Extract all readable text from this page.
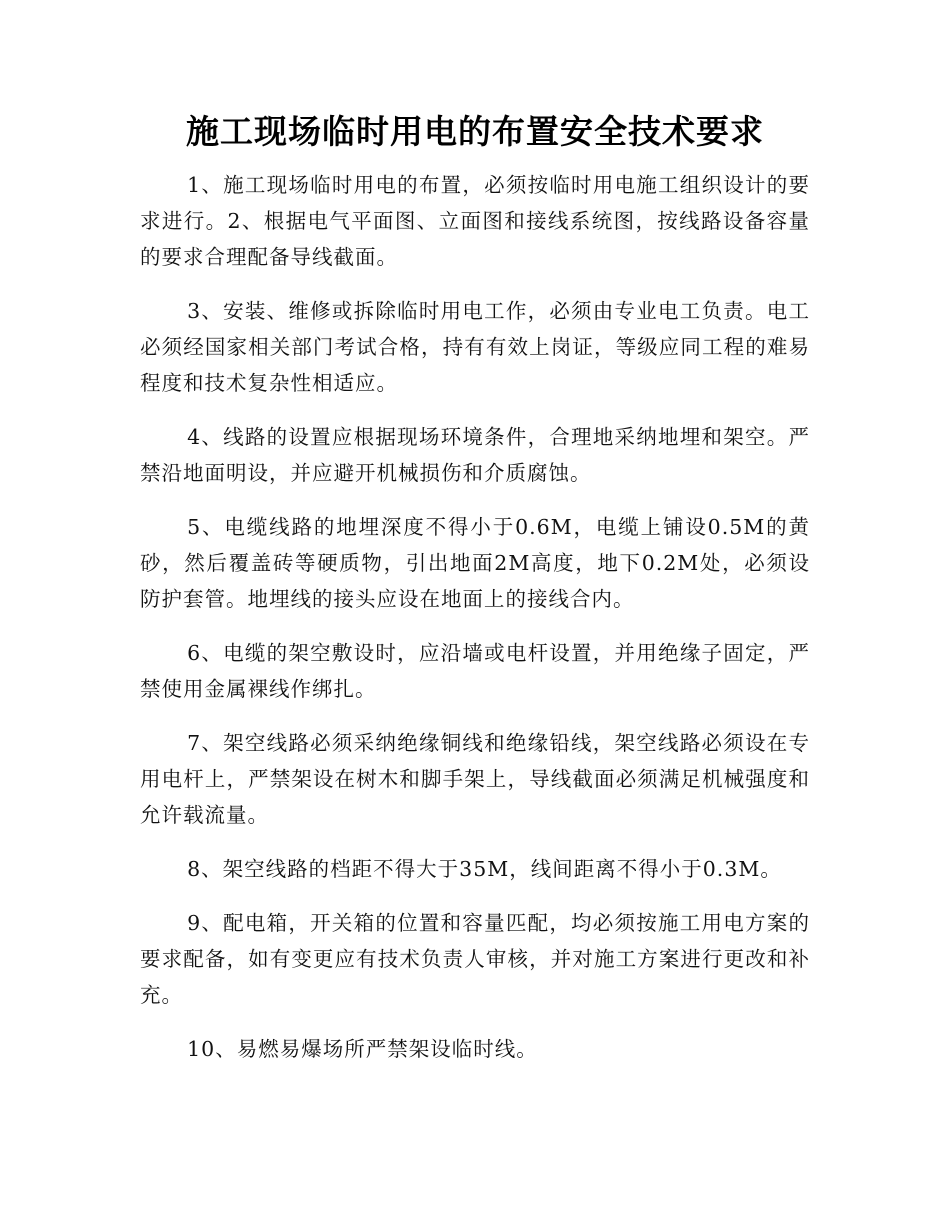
施工现场临时用电的布置安全技术要求

1、施工现场临时用电的布置，必须按临时用电施工组织设计的要求进行。2、根据电气平面图、立面图和接线系统图，按线路设备容量的要求合理配备导线截面。

3、安装、维修或拆除临时用电工作，必须由专业电工负责。电工必须经国家相关部门考试合格，持有有效上岗证，等级应同工程的难易程度和技术复杂性相适应。

4、线路的设置应根据现场环境条件，合理地采纳地埋和架空。严禁沿地面明设，并应避开机械损伤和介质腐蚀。

5、电缆线路的地埋深度不得小于0.6M，电缆上铺设0.5M的黄砂，然后覆盖砖等硬质物，引出地面2M高度，地下0.2M处，必须设防护套管。地埋线的接头应设在地面上的接线合内。

6、电缆的架空敷设时，应沿墙或电杆设置，并用绝缘子固定，严禁使用金属裸线作绑扎。

7、架空线路必须采纳绝缘铜线和绝缘铅线，架空线路必须设在专用电杆上，严禁架设在树木和脚手架上，导线截面必须满足机械强度和允许载流量。

8、架空线路的档距不得大于35M，线间距离不得小于0.3M。

9、配电箱，开关箱的位置和容量匹配，均必须按施工用电方案的要求配备，如有变更应有技术负责人审核，并对施工方案进行更改和补充。

10、易燃易爆场所严禁架设临时线。
